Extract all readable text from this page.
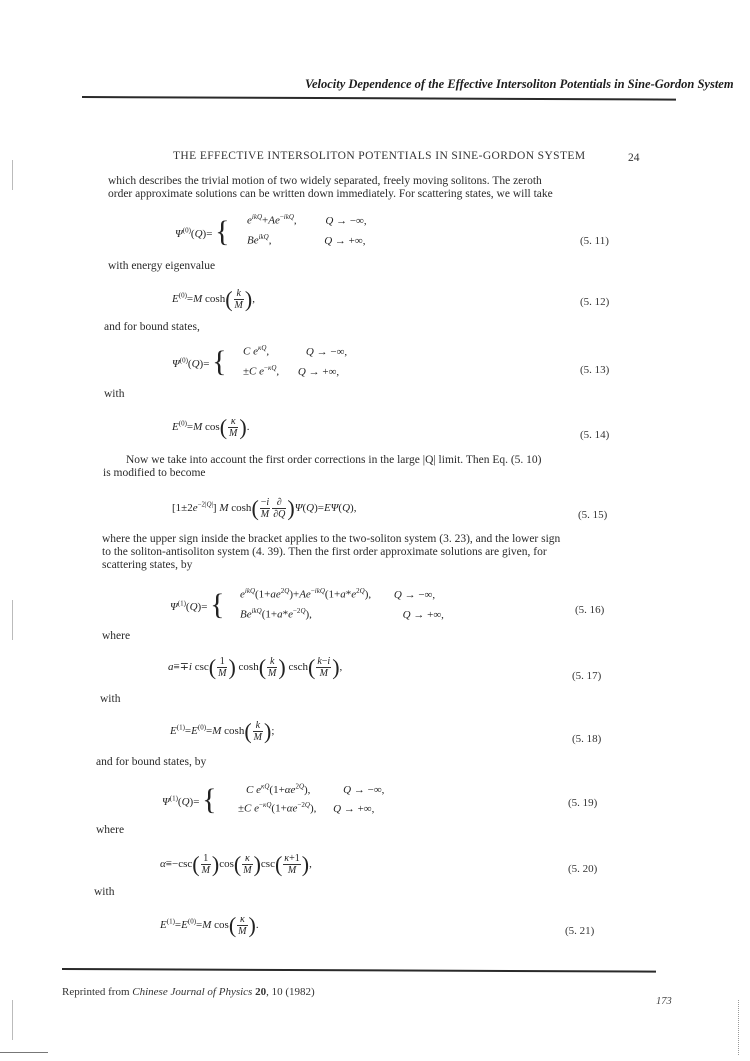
Velocity Dependence of the Effective Intersoliton Potentials in Sine-Gordon System
THE EFFECTIVE INTERSOLITON POTENTIALS IN SINE-GORDON SYSTEM	24
which describes the trivial motion of two widely separated, freely moving solitons. The zeroth
order approximate solutions can be written down immediately. For scattering states, we will take
$\Psi^{(0)}(Q)=$ { $e^{ikQ}+Ae^{-ikQ}$, Q → −∞,
$Be^{ikQ}$,	Q → +∞,	(5. 11)
with energy eigenvalue
$E^{(0)}=M$ $\cosh( \frac{k}{M}$ ),	(5. 12)
and for bound states,
$\Psi^{(0)}(Q)=$ { C $e^{\kappa Q}$,	Q → −∞,
±C $e^{-\kappa Q}$, Q → +∞,	(5. 13)
with
$E^{(0)}=M$ $\cos( \frac{\kappa}{M}$ ).
(5. 14)
Now we take into account the first order corrections in the large |Q| limit. Then Eq. (5. 10)
is modified to become
$[1\pm 2e^{-2|Q|}]$ M $\cosh( \frac{-i}{M} \frac{\partial}{\partial Q} )\Psi(Q)=E\Psi(Q)$,
(5. 15)
where the upper sign inside the bracket applies to the two-soliton system (3. 23), and the lower sign
to the soliton-antisoliton system (4. 39). Then the first order approximate solutions are given, for
scattering states, by
$\Psi^{(1)}(Q)=$ { $e^{ikQ}(1+ae^{2Q})+Ae^{-ikQ}(1+a*e^{2Q})$, Q → −∞,
$Be^{ikQ}(1+a*e^{-2Q})$,	Q → +∞,	(5. 16)
where
a≡∓i $\csc( \frac{1}{M}$ ) $\cosh( \frac{k}{M}$ ) $\csc h( \frac{k-i}{M}$ ),
(5. 17)
with
$E^{(1)}=E^{(0)}=M$ $\cosh( \frac{k}{M}$ );
(5. 18)
and for bound states, by
$\Psi^{(1)}(Q)=$ {	C $e^{\kappa Q}(1+\alpha e^{2Q})$,	Q → −∞,
±C $e^{-\kappa Q}(1+\alpha e^{-2Q})$, Q → +∞,	(5. 19)
where
$\alpha\equiv-\csc( \frac{1}{M} )\cos( \frac{\kappa}{M} )\csc( \frac{\kappa+1}{M}$ ),	(5. 20)
with
$E^{(1)}=E^{(0)}=M$ $\cos( \frac{\kappa}{M}$ ).	(5. 21)
Reprinted from Chinese Journal of Physics 20, 10 (1982)
173
